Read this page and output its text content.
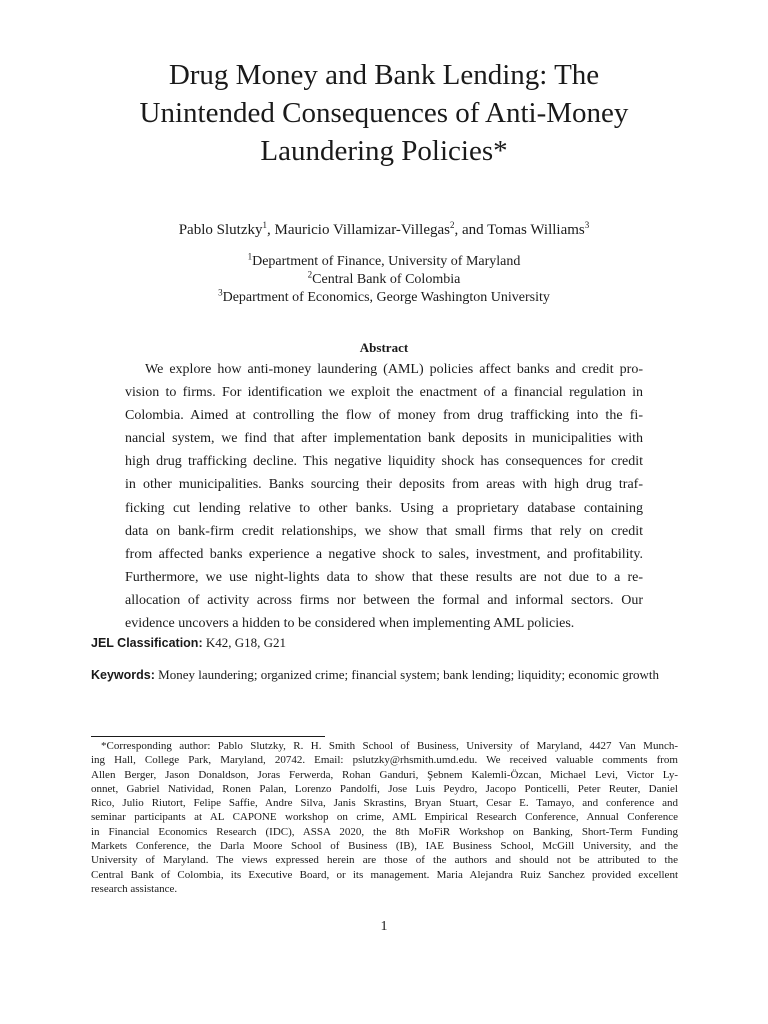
Drug Money and Bank Lending: The
Unintended Consequences of Anti-Money
Laundering Policies*
Pablo Slutzky$^1$, Mauricio Villamizar-Villegas$^2$, and Tomas Williams$^3$
$^1$Department of Finance, University of Maryland
$^2$Central Bank of Colombia
$^3$Department of Economics, George Washington University
Abstract
We explore how anti-money laundering (AML) policies affect banks and credit pro-
vision to firms. For identification we exploit the enactment of a financial regulation in
Colombia. Aimed at controlling the flow of money from drug trafficking into the fi-
nancial system, we find that after implementation bank deposits in municipalities with
high drug trafficking decline. This negative liquidity shock has consequences for credit
in other municipalities. Banks sourcing their deposits from areas with high drug traf-
ficking cut lending relative to other banks. Using a proprietary database containing
data on bank-firm credit relationships, we show that small firms that rely on credit
from affected banks experience a negative shock to sales, investment, and profitability.
Furthermore, we use night-lights data to show that these results are not due to a re-
allocation of activity across firms nor between the formal and informal sectors. Our
evidence uncovers a hidden to be considered when implementing AML policies.
JEL Classification: K42, G18, G21
Keywords: Money laundering; organized crime; financial system; bank lending; liquidity; economic growth
*Corresponding author: Pablo Slutzky, R. H. Smith School of Business, University of Maryland, 4427 Van Munch-
ing Hall, College Park, Maryland, 20742. Email: pslutzky@rhsmith.umd.edu. We received valuable comments from
Allen Berger, Jason Donaldson, Joras Ferwerda, Rohan Ganduri, Şebnem Kalemli-Özcan, Michael Levi, Victor Ly-
onnet, Gabriel Natividad, Ronen Palan, Lorenzo Pandolfi, Jose Luis Peydro, Jacopo Ponticelli, Peter Reuter, Daniel
Rico, Julio Riutort, Felipe Saffie, Andre Silva, Janis Skrastins, Bryan Stuart, Cesar E. Tamayo, and conference and
seminar participants at AL CAPONE workshop on crime, AML Empirical Research Conference, Annual Conference
in Financial Economics Research (IDC), ASSA 2020, the 8th MoFiR Workshop on Banking, Short-Term Funding
Markets Conference, the Darla Moore School of Business (IB), IAE Business School, McGill University, and the
University of Maryland. The views expressed herein are those of the authors and should not be attributed to the
Central Bank of Colombia, its Executive Board, or its management. Maria Alejandra Ruiz Sanchez provided excellent
research assistance.
1
